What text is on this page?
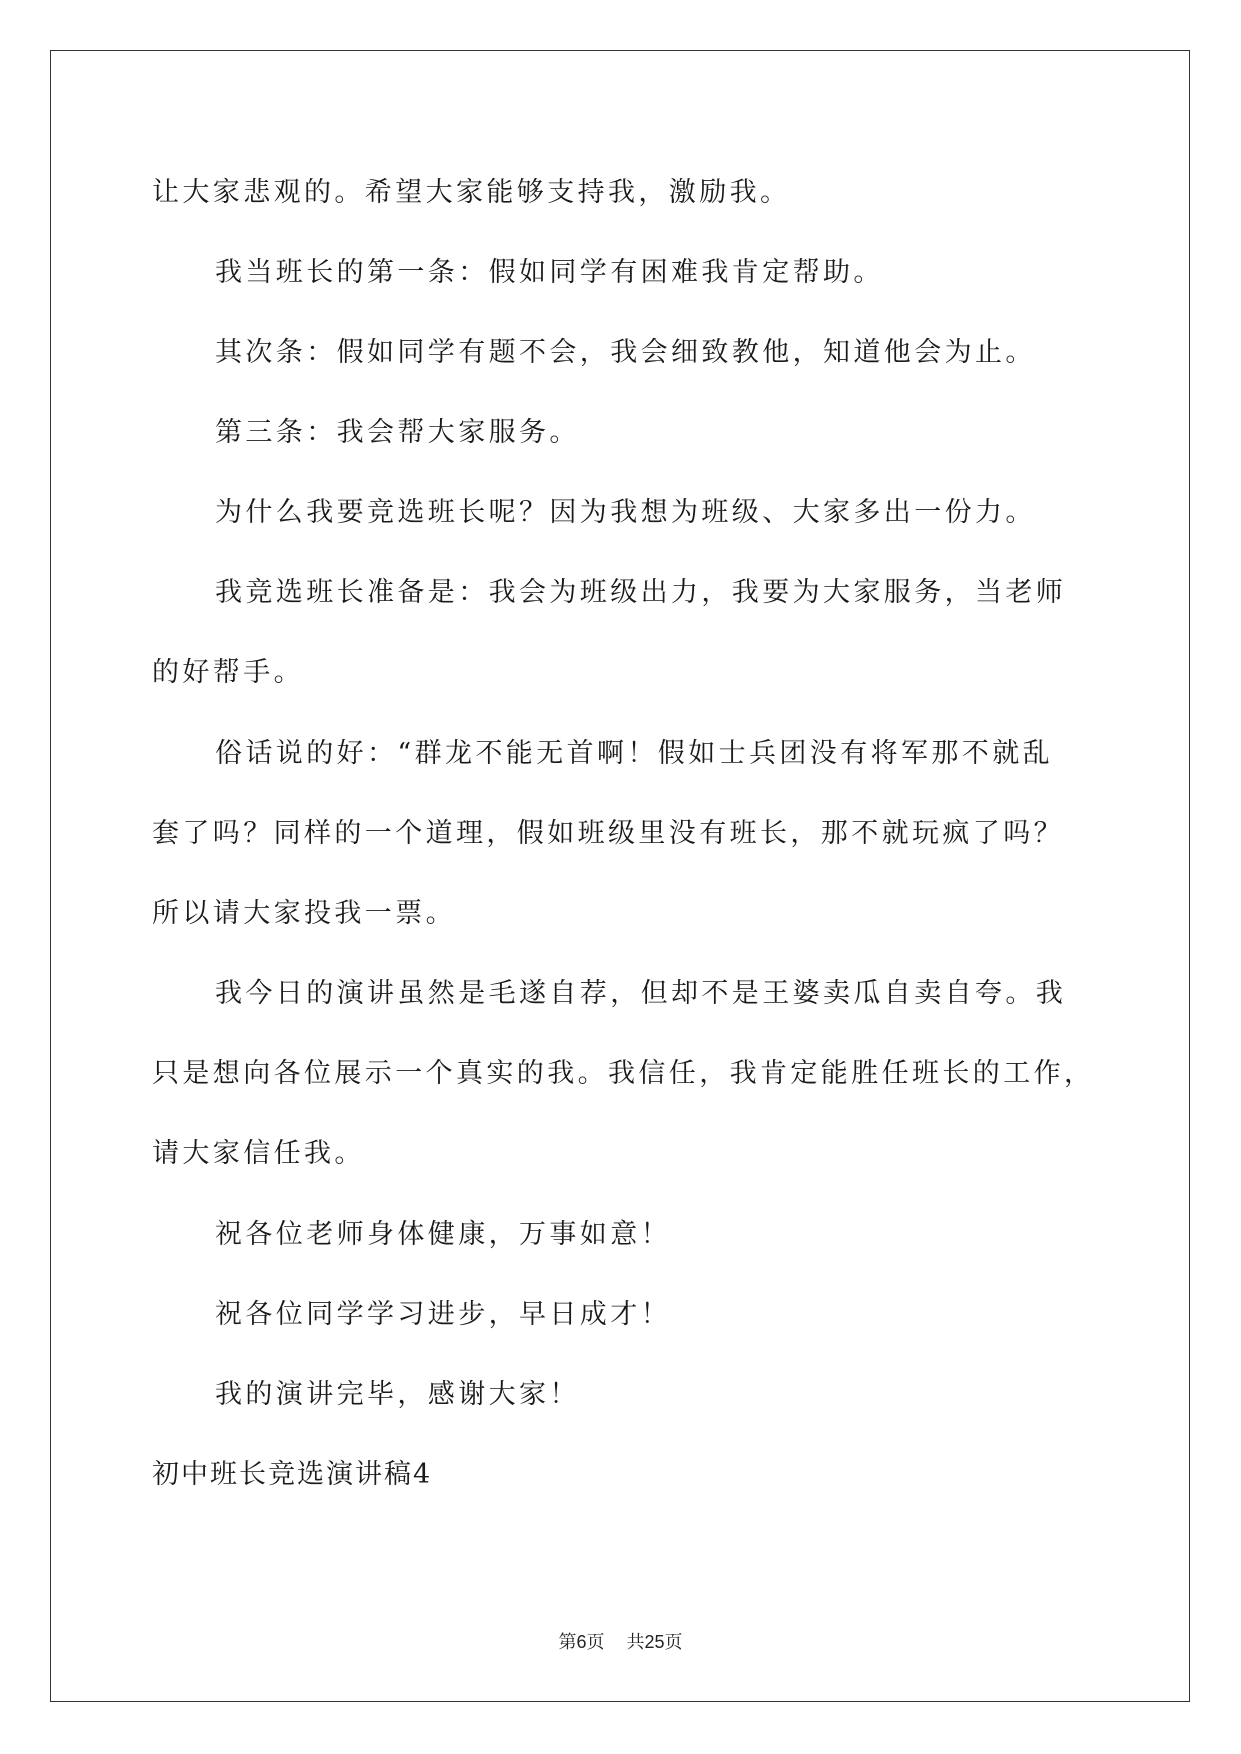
让大家悲观的。希望大家能够支持我，激励我。
我当班长的第一条：假如同学有困难我肯定帮助。
其次条：假如同学有题不会，我会细致教他，知道他会为止。
第三条：我会帮大家服务。
为什么我要竞选班长呢？因为我想为班级、大家多出一份力。
我竞选班长准备是：我会为班级出力，我要为大家服务，当老师
的好帮手。
俗话说的好：“群龙不能无首啊！假如士兵团没有将军那不就乱
套了吗？同样的一个道理，假如班级里没有班长，那不就玩疯了吗？
所以请大家投我一票。
我今日的演讲虽然是毛遂自荐，但却不是王婆卖瓜自卖自夸。我
只是想向各位展示一个真实的我。我信任，我肯定能胜任班长的工作，
请大家信任我。
祝各位老师身体健康，万事如意！
祝各位同学学习进步，早日成才！
我的演讲完毕，感谢大家！
初中班长竞选演讲稿4
第6页 共25页
